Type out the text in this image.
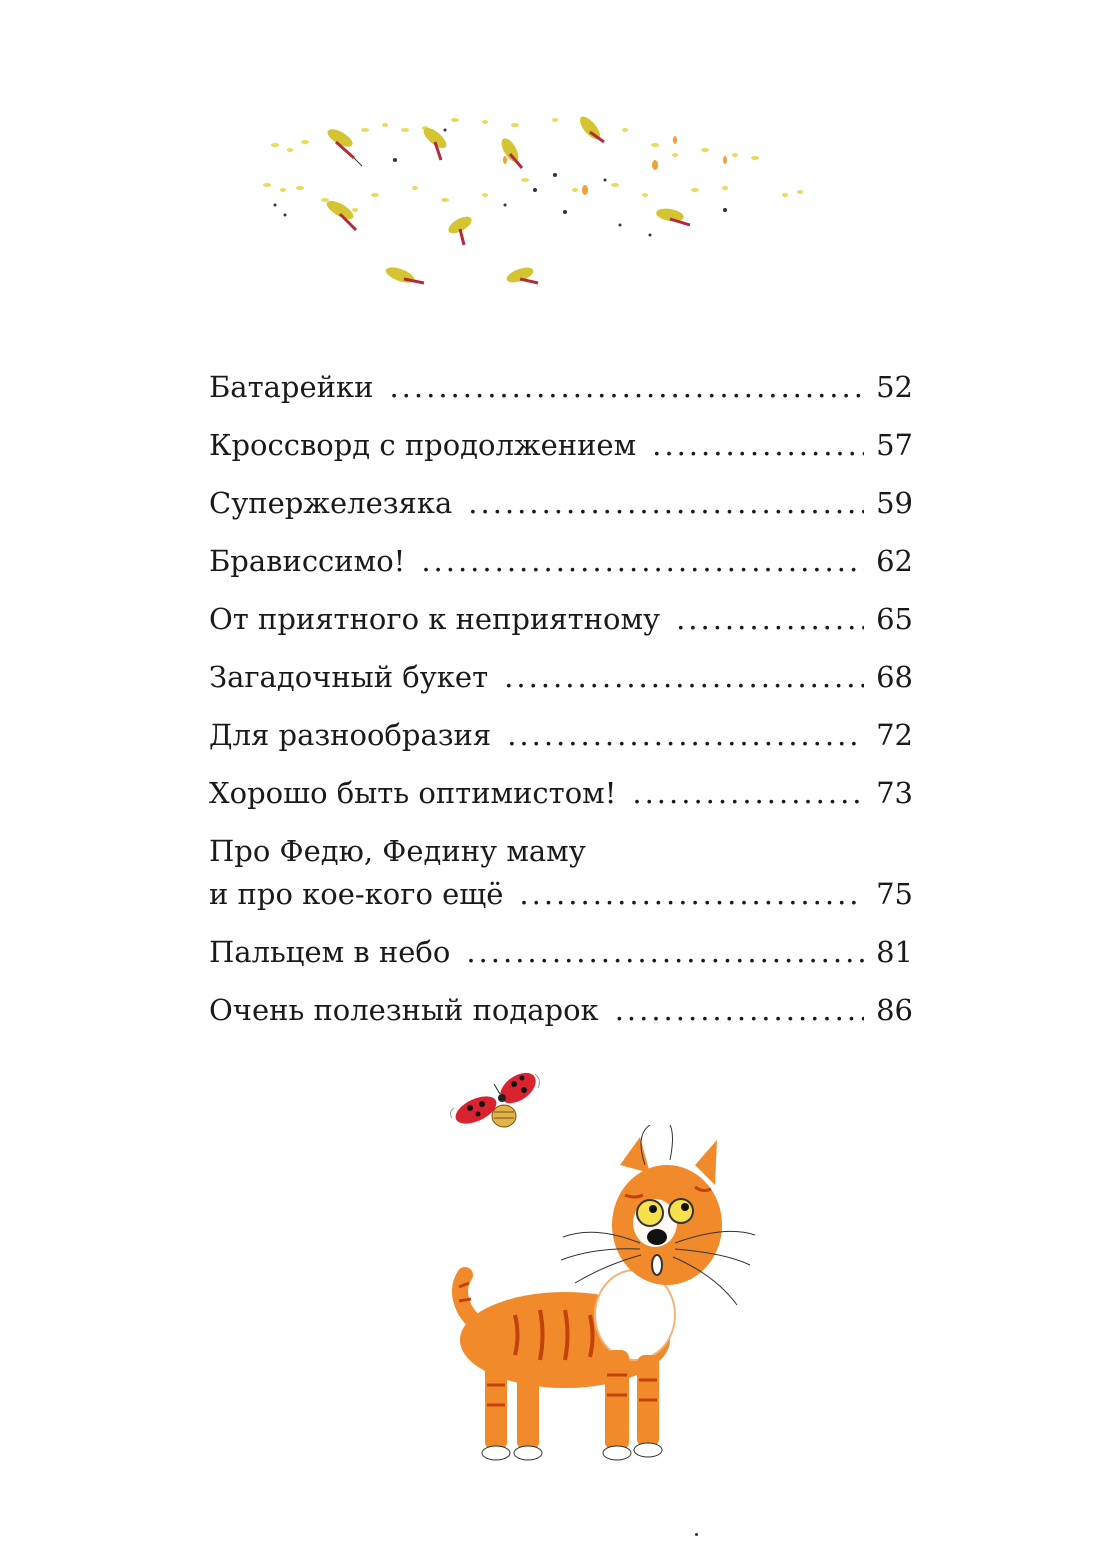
Батарейки .....	52
Кроссворд с продолжением .....	57
Супержелезяка .....	59
Брависсимо! .....	62
От приятного к неприятному .....	65
Загадочный букет .....	68
Для разнообразия .....	72
Хорошо быть оптимистом! .....	73
Про Федю, Федину маму
и про кое-кого ещё .....	75
Пальцем в небо .....	81
Очень полезный подарок .....	86
